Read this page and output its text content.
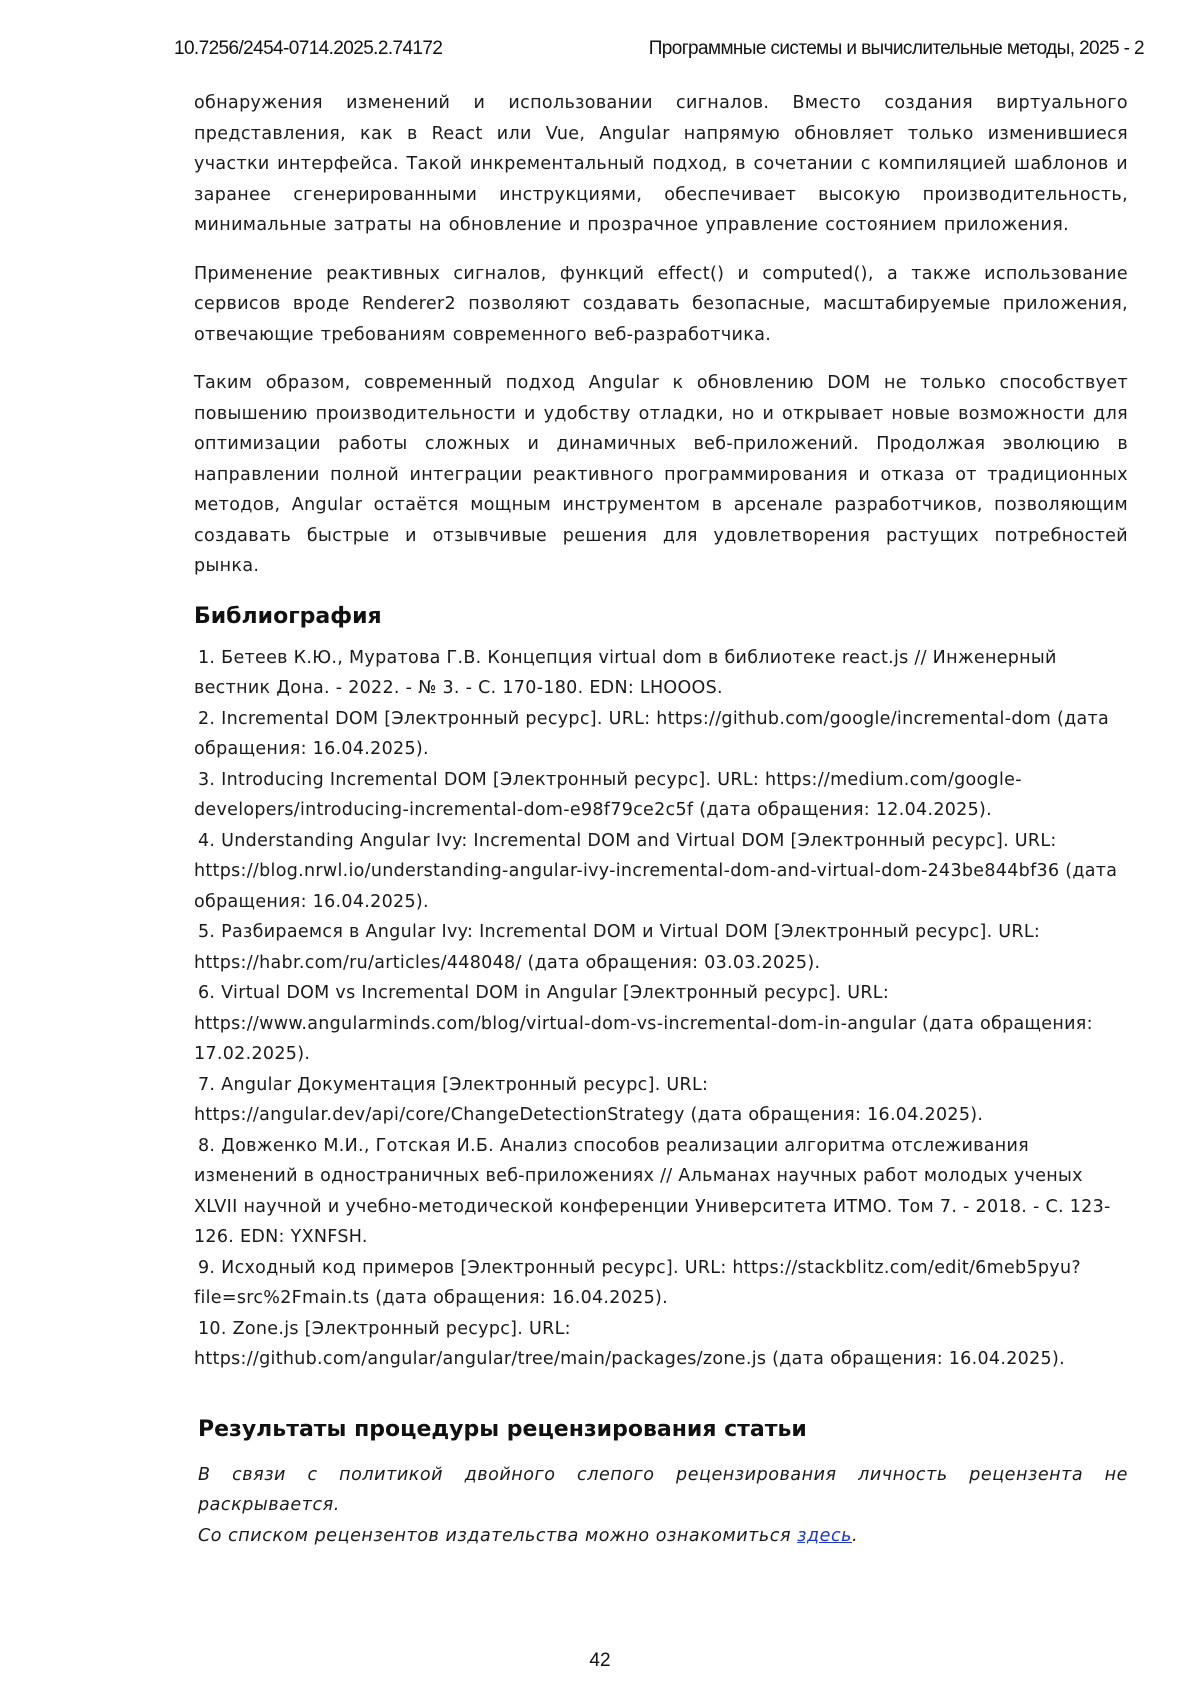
10.7256/2454-0714.2025.2.74172	Программные системы и вычислительные методы, 2025 - 2

обнаружения изменений и использовании сигналов. Вместо создания виртуального представления, как в React или Vue, Angular напрямую обновляет только изменившиеся участки интерфейса. Такой инкрементальный подход, в сочетании с компиляцией шаблонов и заранее сгенерированными инструкциями, обеспечивает высокую производительность, минимальные затраты на обновление и прозрачное управление состоянием приложения.

Применение реактивных сигналов, функций effect() и computed(), а также использование сервисов вроде Renderer2 позволяют создавать безопасные, масштабируемые приложения, отвечающие требованиям современного веб-разработчика.

Таким образом, современный подход Angular к обновлению DOM не только способствует повышению производительности и удобству отладки, но и открывает новые возможности для оптимизации работы сложных и динамичных веб-приложений. Продолжая эволюцию в направлении полной интеграции реактивного программирования и отказа от традиционных методов, Angular остаётся мощным инструментом в арсенале разработчиков, позволяющим создавать быстрые и отзывчивые решения для удовлетворения растущих потребностей рынка.

Библиография
1. Бетеев К.Ю., Муратова Г.В. Концепция virtual dom в библиотеке react.js // Инженерный вестник Дона. - 2022. - № 3. - С. 170-180. EDN: LHOOOS.
2. Incremental DOM [Электронный ресурс]. URL: https://github.com/google/incremental-dom (дата обращения: 16.04.2025).
3. Introducing Incremental DOM [Электронный ресурс]. URL: https://medium.com/google-developers/introducing-incremental-dom-e98f79ce2c5f (дата обращения: 12.04.2025).
4. Understanding Angular Ivy: Incremental DOM and Virtual DOM [Электронный ресурс]. URL: https://blog.nrwl.io/understanding-angular-ivy-incremental-dom-and-virtual-dom-243be844bf36 (дата обращения: 16.04.2025).
5. Разбираемся в Angular Ivy: Incremental DOM и Virtual DOM [Электронный ресурс]. URL: https://habr.com/ru/articles/448048/ (дата обращения: 03.03.2025).
6. Virtual DOM vs Incremental DOM in Angular [Электронный ресурс]. URL: https://www.angularminds.com/blog/virtual-dom-vs-incremental-dom-in-angular (дата обращения: 17.02.2025).
7. Angular Документация [Электронный ресурс]. URL: https://angular.dev/api/core/ChangeDetectionStrategy (дата обращения: 16.04.2025).
8. Довженко М.И., Готская И.Б. Анализ способов реализации алгоритма отслеживания изменений в одностраничных веб-приложениях // Альманах научных работ молодых ученых XLVII научной и учебно-методической конференции Университета ИТМО. Том 7. - 2018. - С. 123-126. EDN: YXNFSH.
9. Исходный код примеров [Электронный ресурс]. URL: https://stackblitz.com/edit/6meb5pyu?file=src%2Fmain.ts (дата обращения: 16.04.2025).
10. Zone.js [Электронный ресурс]. URL: https://github.com/angular/angular/tree/main/packages/zone.js (дата обращения: 16.04.2025).
Результаты процедуры рецензирования статьи

В связи с политикой двойного слепого рецензирования личность рецензента не раскрывается.

Со списком рецензентов издательства можно ознакомиться здесь.

42
